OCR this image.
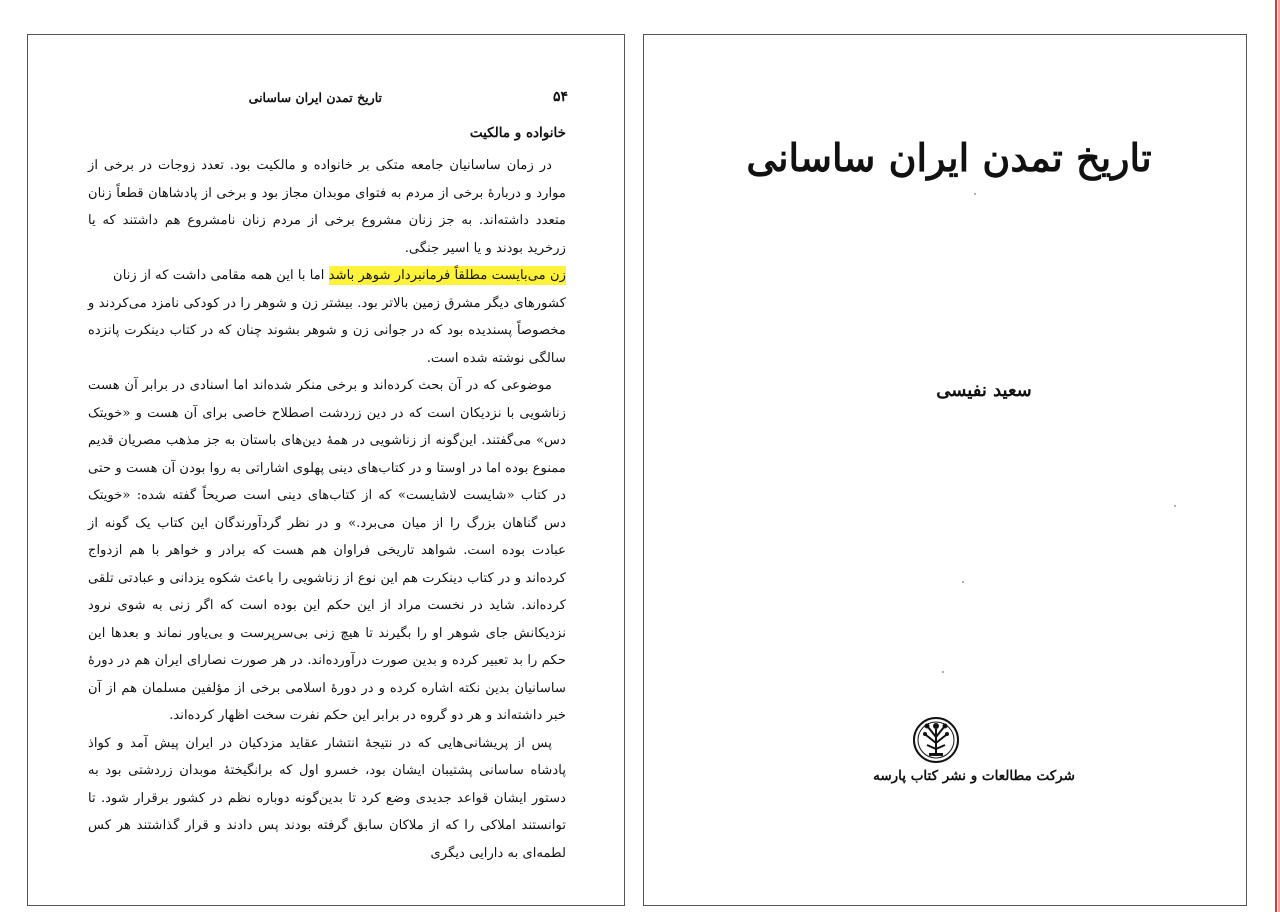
۵۴
تاریخ تمدن ایران ساسانی
خانواده و مالکیت

در زمان ساسانیان جامعه متکی بر خانواده و مالکیت بود. تعدد زوجات در برخی از موارد و دربارهٔ برخی از مردم به فتوای موبدان مجاز بود و برخی از پادشاهان قطعاً زنان متعدد داشته‌اند. به جز زنان مشروع برخی از مردم زنان نامشروع هم داشتند که یا زرخرید بودند و یا اسیر جنگی.

زن می‌بایست مطلقاً فرمانبردار شوهر باشد اما با این همه مقامی داشت که از زنان

کشورهای دیگر مشرق زمین بالاتر بود. بیشتر زن و شوهر را در کودکی نامزد می‌کردند و مخصوصاً پسندیده بود که در جوانی زن و شوهر بشوند چنان که در کتاب دینکرت پانزده سالگی نوشته شده است.

موضوعی که در آن بحث کرده‌اند و برخی منکر شده‌اند اما اسنادی در برابر آن هست زناشویی با نزدیکان است که در دین زردشت اصطلاح خاصی برای آن هست و «خویتک دس» می‌گفتند. این‌گونه از زناشویی در همهٔ دین‌های باستان به جز مذهب مصریان قدیم ممنوع بوده اما در اوستا و در کتاب‌های دینی پهلوی اشاراتی به روا بودن آن هست و حتی در کتاب «شایست لاشایست» که از کتاب‌های دینی است صریحاً گفته شده: «خویتک دس گناهان بزرگ را از میان می‌برد.» و در نظر گردآورندگان این کتاب یک گونه از عبادت بوده است. شواهد تاریخی فراوان هم هست که برادر و خواهر با هم ازدواج کرده‌اند و در کتاب دینکرت هم این نوع از زناشویی را باعث شکوه یزدانی و عبادتی تلقی کرده‌اند. شاید در نخست مراد از این حکم این بوده است که اگر زنی به شوی نرود نزدیکانش جای شوهر او را بگیرند تا هیچ زنی بی‌سرپرست و بی‌یاور نماند و بعدها این حکم را بد تعبیر کرده و بدین صورت درآورده‌اند. در هر صورت نصارای ایران هم در دورهٔ ساسانیان بدین نکته اشاره کرده و در دورهٔ اسلامی برخی از مؤلفین مسلمان هم از آن خبر داشته‌اند و هر دو گروه در برابر این حکم نفرت سخت اظهار کرده‌اند.

پس از پریشانی‌هایی که در نتیجهٔ انتشار عقاید مزدکیان در ایران پیش آمد و کواذ پادشاه ساسانی پشتیبان ایشان بود، خسرو اول که برانگیختهٔ موبدان زردشتی بود به دستور ایشان قواعد جدیدی وضع کرد تا بدین‌گونه دوباره نظم در کشور برقرار شود. تا توانستند املاکی را که از ملاکان سابق گرفته بودند پس دادند و قرار گذاشتند هر کس لطمه‌ای به دارایی دیگری

تاریخ تمدن ایران ساسانی
سعید نفیسی
شرکت مطالعات و نشر کتاب پارسه
